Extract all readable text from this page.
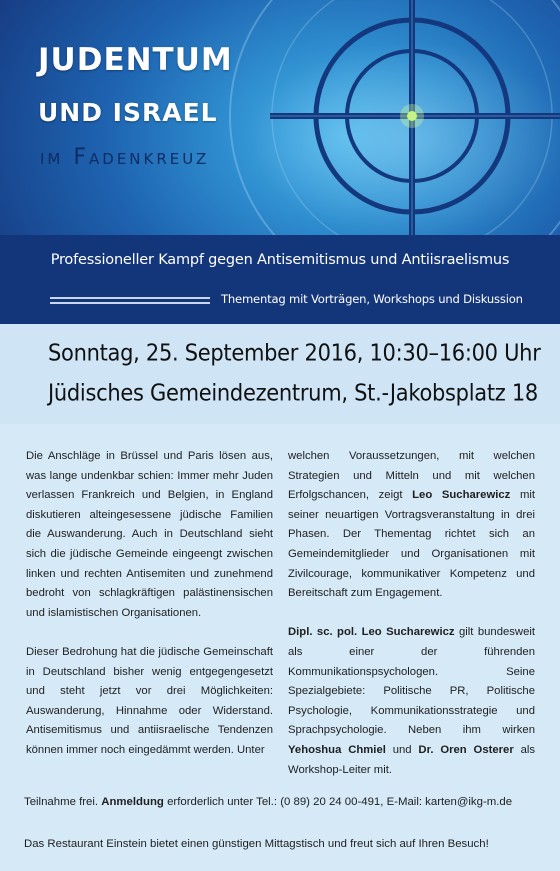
JUDENTUM
UND ISRAEL
im Fadenkreuz
Professioneller Kampf gegen Antisemitismus und Antiisraelismus
Thementag mit Vorträgen, Workshops und Diskussion
Sonntag, 25. September 2016, 10:30–16:00 Uhr
Jüdisches Gemeindezentrum, St.-Jakobsplatz 18

Die Anschläge in Brüssel und Paris lösen aus, was lange undenkbar schien: Immer mehr Juden verlassen Frankreich und Belgien, in England diskutieren alteingesessene jüdische Familien die Auswanderung. Auch in Deutschland sieht sich die jüdische Gemeinde eingeengt zwischen linken und rechten Antisemiten und zunehmend bedroht von schlagkräftigen palästinensischen und islamistischen Organisationen.

Dieser Bedrohung hat die jüdische Gemeinschaft in Deutschland bisher wenig entgegengesetzt und steht jetzt vor drei Möglichkeiten: Auswanderung, Hinnahme oder Widerstand. Antisemitismus und antiisraelische Tendenzen können immer noch eingedämmt werden. Unter

welchen Voraussetzungen, mit welchen Strategien und Mitteln und mit welchen Erfolgschancen, zeigt Leo Sucharewicz mit seiner neuartigen Vortragsveranstaltung in drei Phasen. Der Thementag richtet sich an Gemeindemitglieder und Organisationen mit Zivilcourage, kommunikativer Kompetenz und Bereitschaft zum Engagement.

Dipl. sc. pol. Leo Sucharewicz gilt bundesweit als einer der führenden Kommunikationspsychologen. Seine Spezialgebiete: Politische PR, Politische Psychologie, Kommunikationsstrategie und Sprachpsychologie. Neben ihm wirken Yehoshua Chmiel und Dr. Oren Osterer als Workshop-Leiter mit.

Teilnahme frei. Anmeldung erforderlich unter Tel.: (0 89) 20 24 00-491, E-Mail: karten@ikg-m.de
Das Restaurant Einstein bietet einen günstigen Mittagstisch und freut sich auf Ihren Besuch!
